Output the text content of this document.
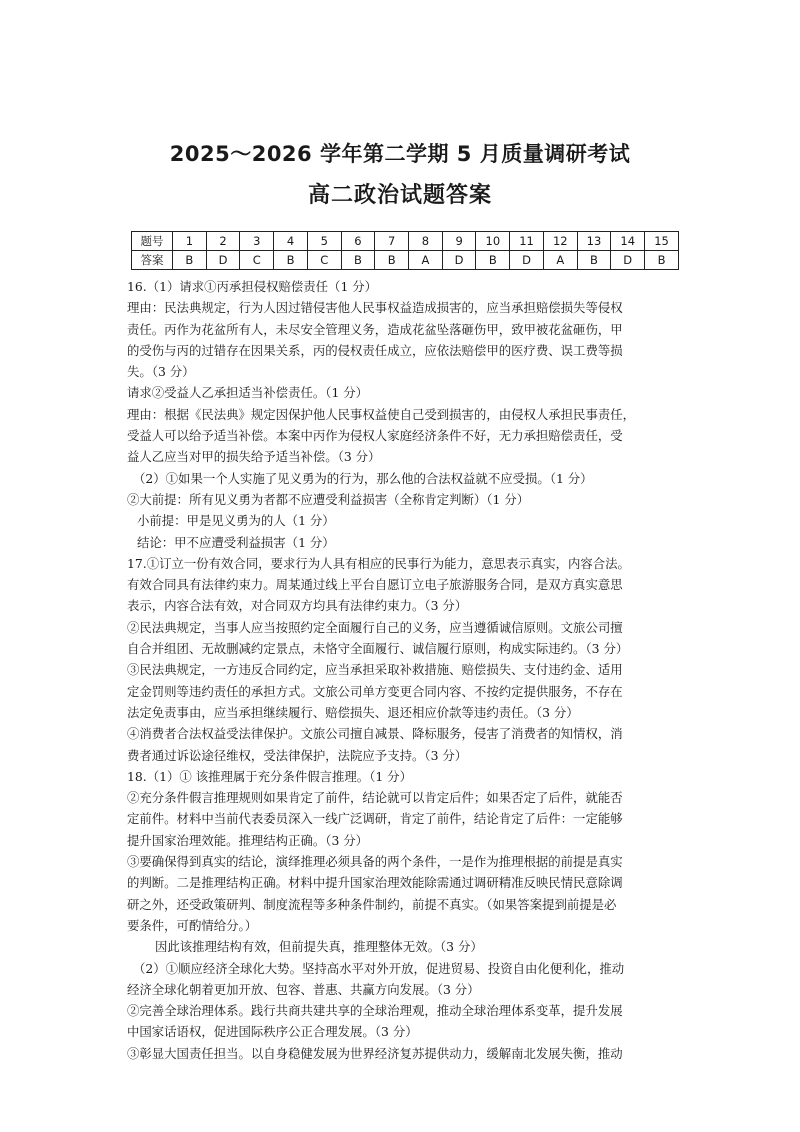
2025～2026 学年第二学期 5 月质量调研考试
高二政治试题答案
题号	1	2	3	4	5	6	7	8	9	10	11	12	13	14	15
答案	B	D	C	B	C	B	B	A	D	B	D	A	B	D	B

16.（1）请求①丙承担侵权赔偿责任（1 分）

理由：民法典规定，行为人因过错侵害他人民事权益造成损害的，应当承担赔偿损失等侵权

责任。丙作为花盆所有人，未尽安全管理义务，造成花盆坠落砸伤甲，致甲被花盆砸伤，甲

的受伤与丙的过错存在因果关系，丙的侵权责任成立，应依法赔偿甲的医疗费、误工费等损

失。（3 分）

请求②受益人乙承担适当补偿责任。（1 分）

理由：根据《民法典》规定因保护他人民事权益使自己受到损害的，由侵权人承担民事责任，

受益人可以给予适当补偿。本案中丙作为侵权人家庭经济条件不好，无力承担赔偿责任，受

益人乙应当对甲的损失给予适当补偿。（3 分）

（2）①如果一个人实施了见义勇为的行为，那么他的合法权益就不应受损。（1 分）

②大前提：所有见义勇为者都不应遭受利益损害（全称肯定判断）（1 分）

小前提：甲是见义勇为的人（1 分）

结论：甲不应遭受利益损害（1 分）

17.①订立一份有效合同，要求行为人具有相应的民事行为能力，意思表示真实，内容合法。

有效合同具有法律约束力。周某通过线上平台自愿订立电子旅游服务合同，是双方真实意思

表示，内容合法有效，对合同双方均具有法律约束力。（3 分）

②民法典规定，当事人应当按照约定全面履行自己的义务，应当遵循诚信原则。文旅公司擅

自合并组团、无故删减约定景点，未恪守全面履行、诚信履行原则，构成实际违约。（3 分）

③民法典规定，一方违反合同约定，应当承担采取补救措施、赔偿损失、支付违约金、适用

定金罚则等违约责任的承担方式。文旅公司单方变更合同内容、不按约定提供服务，不存在

法定免责事由，应当承担继续履行、赔偿损失、退还相应价款等违约责任。（3 分）

④消费者合法权益受法律保护。文旅公司擅自减景、降标服务，侵害了消费者的知情权，消

费者通过诉讼途径维权，受法律保护，法院应予支持。（3 分）

18.（1）① 该推理属于充分条件假言推理。（1 分）

②充分条件假言推理规则如果肯定了前件，结论就可以肯定后件；如果否定了后件，就能否

定前件。材料中当前代表委员深入一线广泛调研，肯定了前件，结论肯定了后件：一定能够

提升国家治理效能。推理结构正确。（3 分）

③要确保得到真实的结论，演绎推理必须具备的两个条件，一是作为推理根据的前提是真实

的判断。二是推理结构正确。材料中提升国家治理效能除需通过调研精准反映民情民意除调

研之外，还受政策研判、制度流程等多种条件制约，前提不真实。（如果答案提到前提是必

要条件，可酌情给分。）

因此该推理结构有效，但前提失真，推理整体无效。（3 分）

（2）①顺应经济全球化大势。坚持高水平对外开放，促进贸易、投资自由化便利化，推动

经济全球化朝着更加开放、包容、普惠、共赢方向发展。（3 分）

②完善全球治理体系。践行共商共建共享的全球治理观，推动全球治理体系变革，提升发展

中国家话语权，促进国际秩序公正合理发展。（3 分）

③彰显大国责任担当。以自身稳健发展为世界经济复苏提供动力，缓解南北发展失衡，推动
